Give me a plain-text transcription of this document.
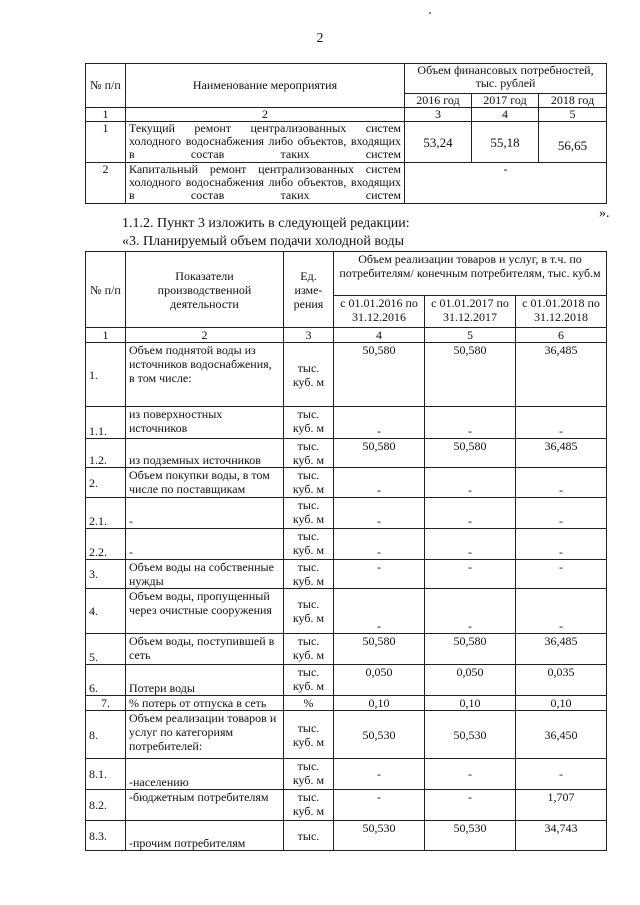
2
№ п/п	Наименование мероприятия	Объем финансовых потребностей, тыс. рублей		
		2016 год	2017 год	2018 год
1	2	3	4	5
1	Текущий ремонт централизованных систем холодного водоснабжения либо объектов, входящих в состав таких систем	53,24	55,18	56,65
2	Капитальный ремонт централизованных систем холодного водоснабжения либо объектов, входящих в состав таких систем	-		
».
1.1.2. Пункт 3 изложить в следующей редакции:
«3. Планируемый объем подачи холодной воды
№ п/п	Показатели производственной деятельности	Ед. изме-рения	Объем реализации товаров и услуг, в т.ч. по потребителям/ конечным потребителям, тыс. куб.м		
			с 01.01.2016 по 31.12.2016	с 01.01.2017 по 31.12.2017	с 01.01.2018 по 31.12.2018
1	2	3	4	5	6
1.	Объем поднятой воды из источников водоснабжения, в том числе:	тыс. куб. м	50,580	50,580	36,485
1.1.	из поверхностных источников	тыс. куб. м	-	-	-
1.2.	из подземных источников	тыс. куб. м	50,580	50,580	36,485
2.	Объем покупки воды, в том числе по поставщикам	тыс. куб. м	-	-	-
2.1.	-	тыс. куб. м	-	-	-
2.2.	-	тыс. куб. м	-	-	-
3.	Объем воды на собственные нужды	тыс. куб. м	-	-	-
4.	Объем воды, пропущенный через очистные сооружения	тыс. куб. м	-	-	-
5.	Объем воды, поступившей в сеть	тыс. куб. м	50,580	50,580	36,485
6.	Потери воды	тыс. куб. м	0,050	0,050	0,035
7.	% потерь от отпуска в сеть	%	0,10	0,10	0,10
8.	Объем реализации товаров и услуг по категориям потребителей:	тыс. куб. м	50,530	50,530	36,450
8.1.	-населению	тыс. куб. м	-	-	-
8.2.	-бюджетным потребителям	тыс. куб. м	-	-	1,707
8.3.	-прочим потребителям	тыс.	50,530	50,530	34,743
